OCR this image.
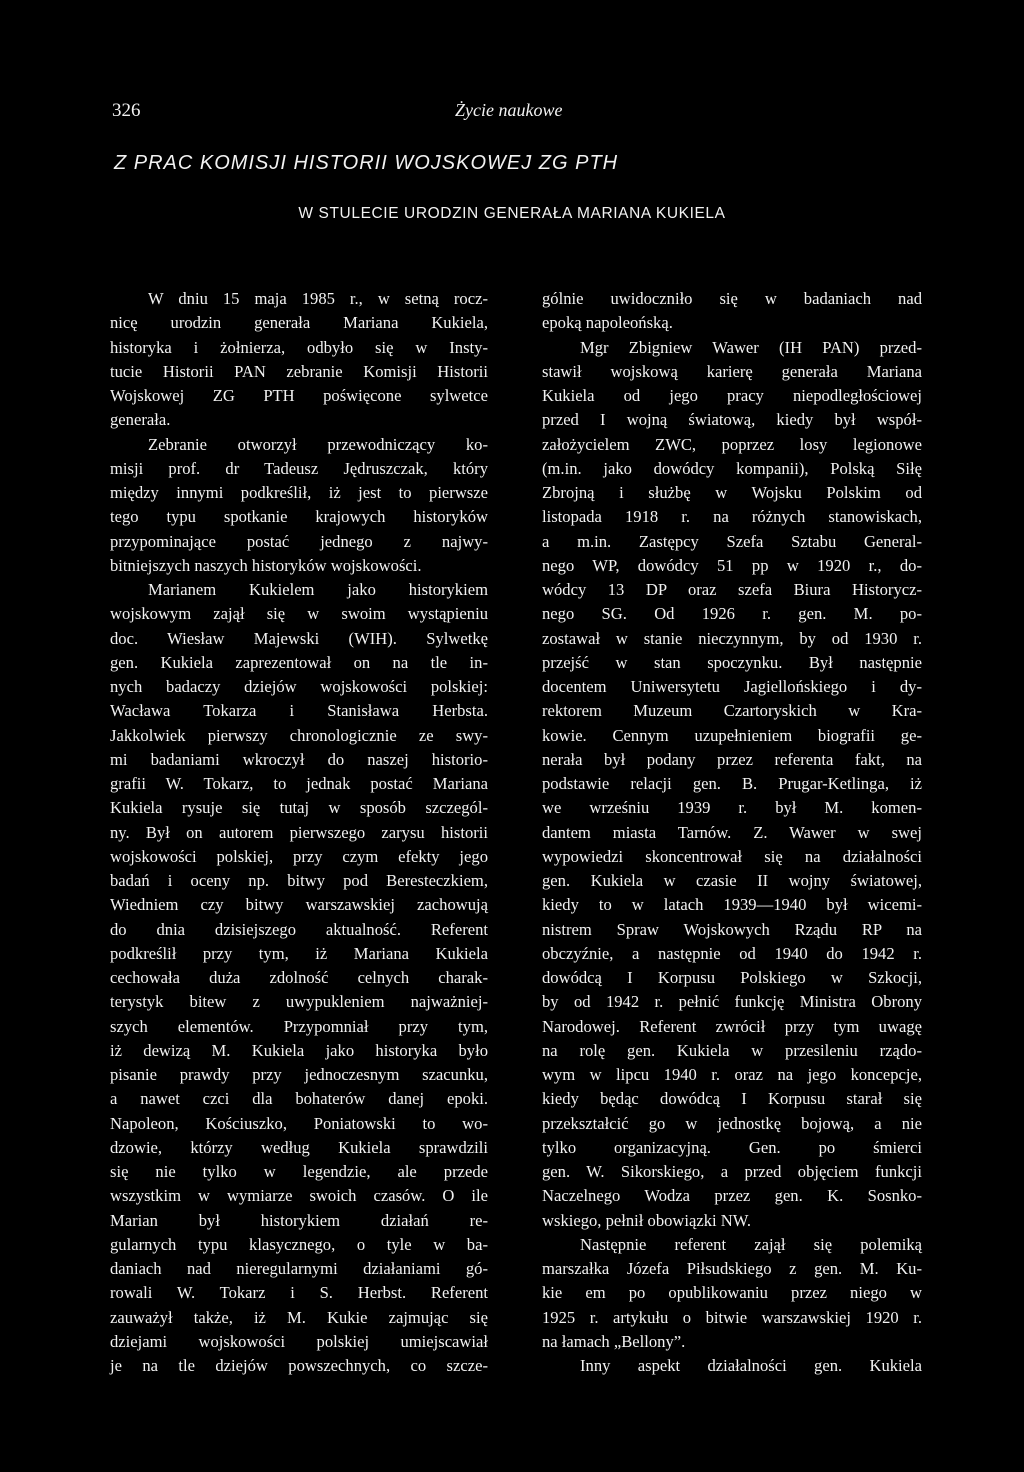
326	Życie naukowe
Z PRAC KOMISJI HISTORII WOJSKOWEJ ZG PTH
W STULECIE URODZIN GENERAŁA MARIANA KUKIELA
W dniu 15 maja 1985 r., w setną rocz-
nicę urodzin generała Mariana Kukiela,
historyka i żołnierza, odbyło się w Insty-
tucie Historii PAN zebranie Komisji Historii
Wojskowej ZG PTH poświęcone sylwetce
generała.
Zebranie otworzył przewodniczący ko-
misji prof. dr Tadeusz Jędruszczak, który
między innymi podkreślił, iż jest to pierwsze
tego typu spotkanie krajowych historyków
przypominające postać jednego z najwy-
bitniejszych naszych historyków wojskowości.
Marianem Kukielem jako historykiem
wojskowym zajął się w swoim wystąpieniu
doc. Wiesław Majewski (WIH). Sylwetkę
gen. Kukiela zaprezentował on na tle in-
nych badaczy dziejów wojskowości polskiej:
Wacława Tokarza i Stanisława Herbsta.
Jakkolwiek pierwszy chronologicznie ze swy-
mi badaniami wkroczył do naszej historio-
grafii W. Tokarz, to jednak postać Mariana
Kukiela rysuje się tutaj w sposób szczegól-
ny. Był on autorem pierwszego zarysu historii
wojskowości polskiej, przy czym efekty jego
badań i oceny np. bitwy pod Beresteczkiem,
Wiedniem czy bitwy warszawskiej zachowują
do dnia dzisiejszego aktualność. Referent
podkreślił przy tym, iż Mariana Kukiela
cechowała duża zdolność celnych charak-
terystyk bitew z uwypukleniem najważniej-
szych elementów. Przypomniał przy tym,
iż dewizą M. Kukiela jako historyka było
pisanie prawdy przy jednoczesnym szacunku,
a nawet czci dla bohaterów danej epoki.
Napoleon, Kościuszko, Poniatowski to wo-
dzowie, którzy według Kukiela sprawdzili
się nie tylko w legendzie, ale przede
wszystkim w wymiarze swoich czasów. O ile
Marian był historykiem działań re-
gularnych typu klasycznego, o tyle w ba-
daniach nad nieregularnymi działaniami gó-
rowali W. Tokarz i S. Herbst. Referent
zauważył także, iż M. Kukie zajmując się
dziejami wojskowości polskiej umiejscawiał
je na tle dziejów powszechnych, co szcze-
gólnie uwidoczniło się w badaniach nad
epoką napoleońską.
Mgr Zbigniew Wawer (IH PAN) przed-
stawił wojskową karierę generała Mariana
Kukiela od jego pracy niepodległościowej
przed I wojną światową, kiedy był współ-
założycielem ZWC, poprzez losy legionowe
(m.in. jako dowódcy kompanii), Polską Siłę
Zbrojną i służbę w Wojsku Polskim od
listopada 1918 r. na różnych stanowiskach,
a m.in. Zastępcy Szefa Sztabu General-
nego WP, dowódcy 51 pp w 1920 r., do-
wódcy 13 DP oraz szefa Biura Historycz-
nego SG. Od 1926 r. gen. M. po-
zostawał w stanie nieczynnym, by od 1930 r.
przejść w stan spoczynku. Był następnie
docentem Uniwersytetu Jagiellońskiego i dy-
rektorem Muzeum Czartoryskich w Kra-
kowie. Cennym uzupełnieniem biografii ge-
nerała był podany przez referenta fakt, na
podstawie relacji gen. B. Prugar-Ketlinga, iż
we wrześniu 1939 r. był M. komen-
dantem miasta Tarnów. Z. Wawer w swej
wypowiedzi skoncentrował się na działalności
gen. Kukiela w czasie II wojny światowej,
kiedy to w latach 1939—1940 był wicemi-
nistrem Spraw Wojskowych Rządu RP na
obczyźnie, a następnie od 1940 do 1942 r.
dowódcą I Korpusu Polskiego w Szkocji,
by od 1942 r. pełnić funkcję Ministra Obrony
Narodowej. Referent zwrócił przy tym uwagę
na rolę gen. Kukiela w przesileniu rządo-
wym w lipcu 1940 r. oraz na jego koncepcje,
kiedy będąc dowódcą I Korpusu starał się
przekształcić go w jednostkę bojową, a nie
tylko organizacyjną. Gen. po śmierci
gen. W. Sikorskiego, a przed objęciem funkcji
Naczelnego Wodza przez gen. K. Sosnko-
wskiego, pełnił obowiązki NW.
Następnie referent zajął się polemiką
marszałka Józefa Piłsudskiego z gen. M. Ku-
kie em po opublikowaniu przez niego w
1925 r. artykułu o bitwie warszawskiej 1920 r.
na łamach „Bellony”.
Inny aspekt działalności gen. Kukiela
